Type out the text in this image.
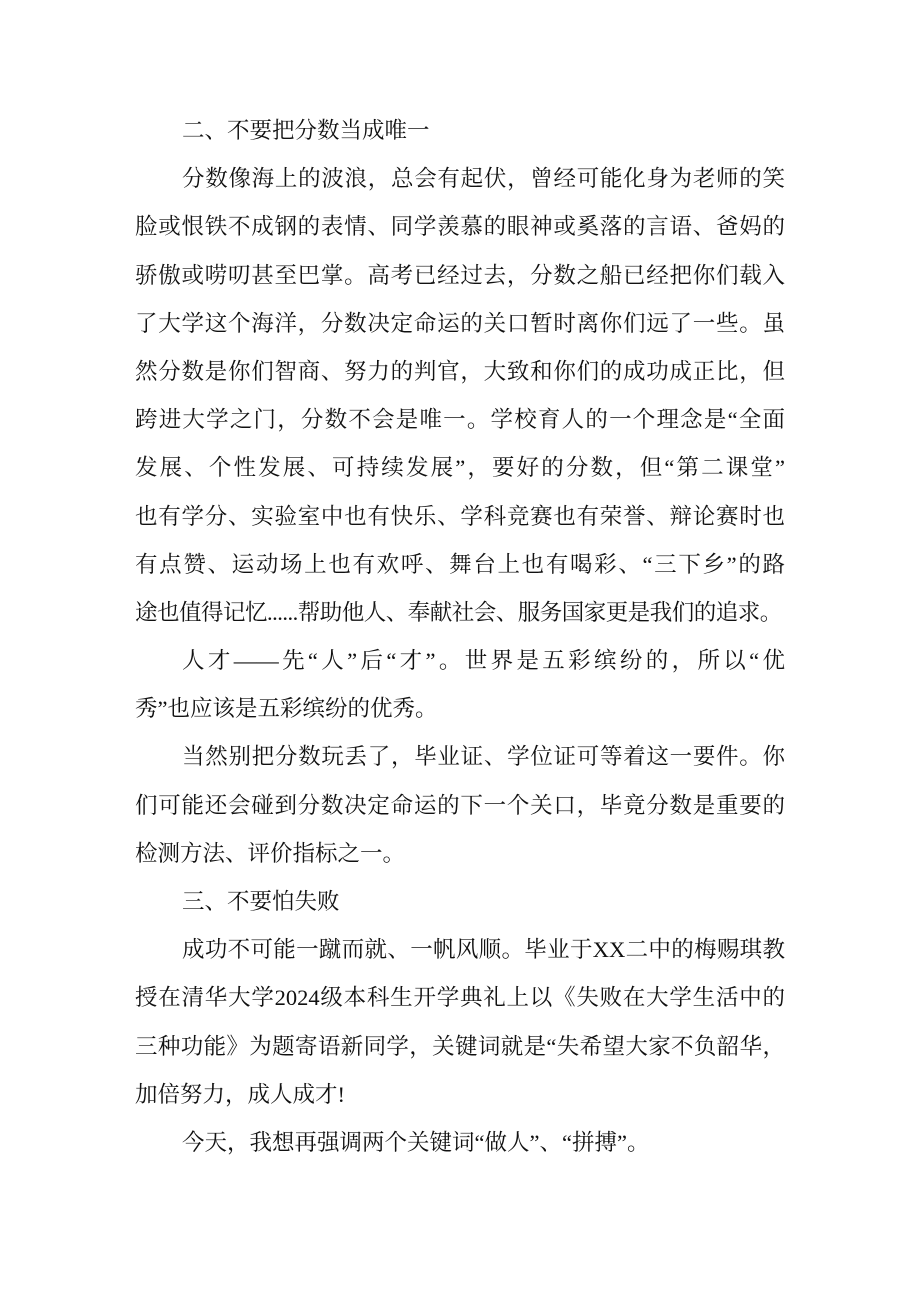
二、不要把分数当成唯一
分数像海上的波浪，总会有起伏，曾经可能化身为老师的笑
脸或恨铁不成钢的表情、同学羡慕的眼神或奚落的言语、爸妈的
骄傲或唠叨甚至巴掌。高考已经过去，分数之船已经把你们载入
了大学这个海洋，分数决定命运的关口暂时离你们远了一些。虽
然分数是你们智商、努力的判官，大致和你们的成功成正比，但
跨进大学之门，分数不会是唯一。学校育人的一个理念是“全面
发展、个性发展、可持续发展”，要好的分数，但“第二课堂”
也有学分、实验室中也有快乐、学科竞赛也有荣誉、辩论赛时也
有点赞、运动场上也有欢呼、舞台上也有喝彩、“三下乡”的路
途也值得记忆......帮助他人、奉献社会、服务国家更是我们的追求。
人才——先“人”后“才”。世界是五彩缤纷的，所以“优
秀”也应该是五彩缤纷的优秀。
当然别把分数玩丢了，毕业证、学位证可等着这一要件。你
们可能还会碰到分数决定命运的下一个关口，毕竟分数是重要的
检测方法、评价指标之一。
三、不要怕失败
成功不可能一蹴而就、一帆风顺。毕业于XX二中的梅赐琪教
授在清华大学2024级本科生开学典礼上以《失败在大学生活中的
三种功能》为题寄语新同学，关键词就是“失希望大家不负韶华，
加倍努力，成人成才!
今天，我想再强调两个关键词“做人”、“拼搏”。
